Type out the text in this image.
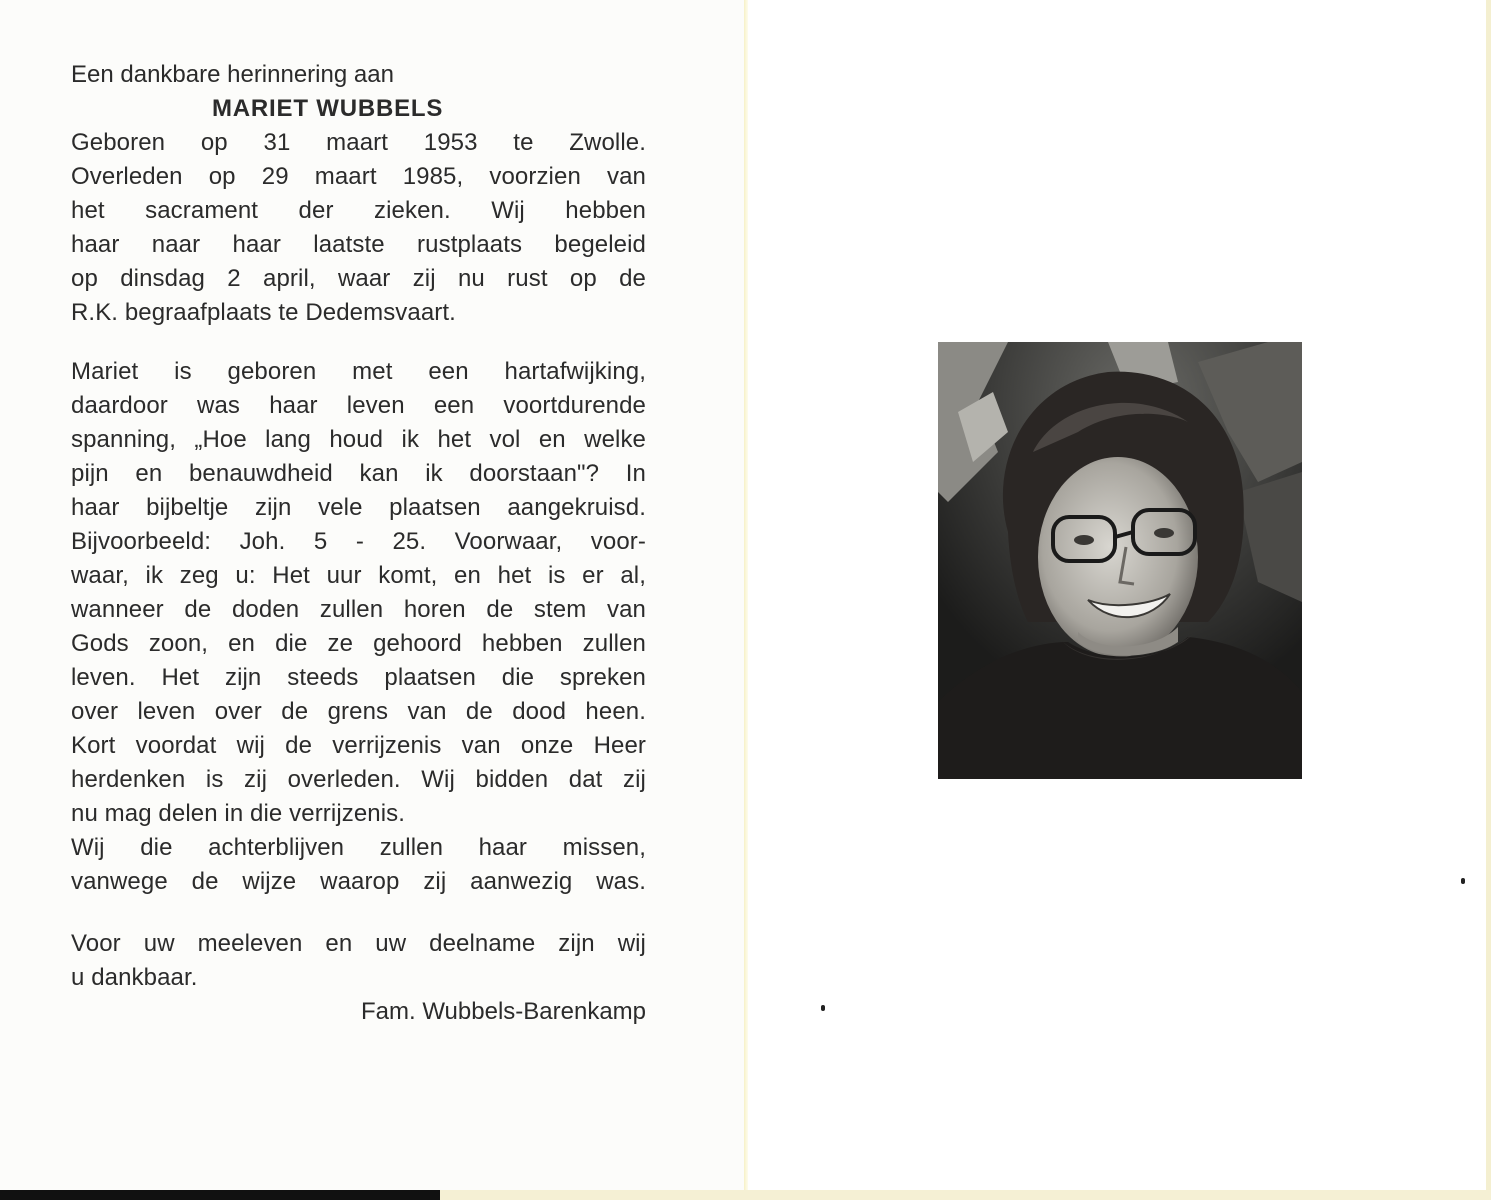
Een dankbare herinnering aan
MARIET WUBBELS
Geboren op 31 maart 1953 te Zwolle.
Overleden op 29 maart 1985, voorzien van
het sacrament der zieken. Wij hebben
haar naar haar laatste rustplaats begeleid
op dinsdag 2 april, waar zij nu rust op de
R.K. begraafplaats te Dedemsvaart.
Mariet is geboren met een hartafwijking,
daardoor was haar leven een voortdurende
spanning, „Hoe lang houd ik het vol en welke
pijn en benauwdheid kan ik doorstaan"? In
haar bijbeltje zijn vele plaatsen aangekruisd.
Bijvoorbeeld: Joh. 5 - 25. Voorwaar, voor-
waar, ik zeg u: Het uur komt, en het is er al,
wanneer de doden zullen horen de stem van
Gods zoon, en die ze gehoord hebben zullen
leven. Het zijn steeds plaatsen die spreken
over leven over de grens van de dood heen.
Kort voordat wij de verrijzenis van onze Heer
herdenken is zij overleden. Wij bidden dat zij
nu mag delen in die verrijzenis.
Wij die achterblijven zullen haar missen,
vanwege de wijze waarop zij aanwezig was.
Voor uw meeleven en uw deelname zijn wij
u dankbaar.
Fam. Wubbels-Barenkamp
